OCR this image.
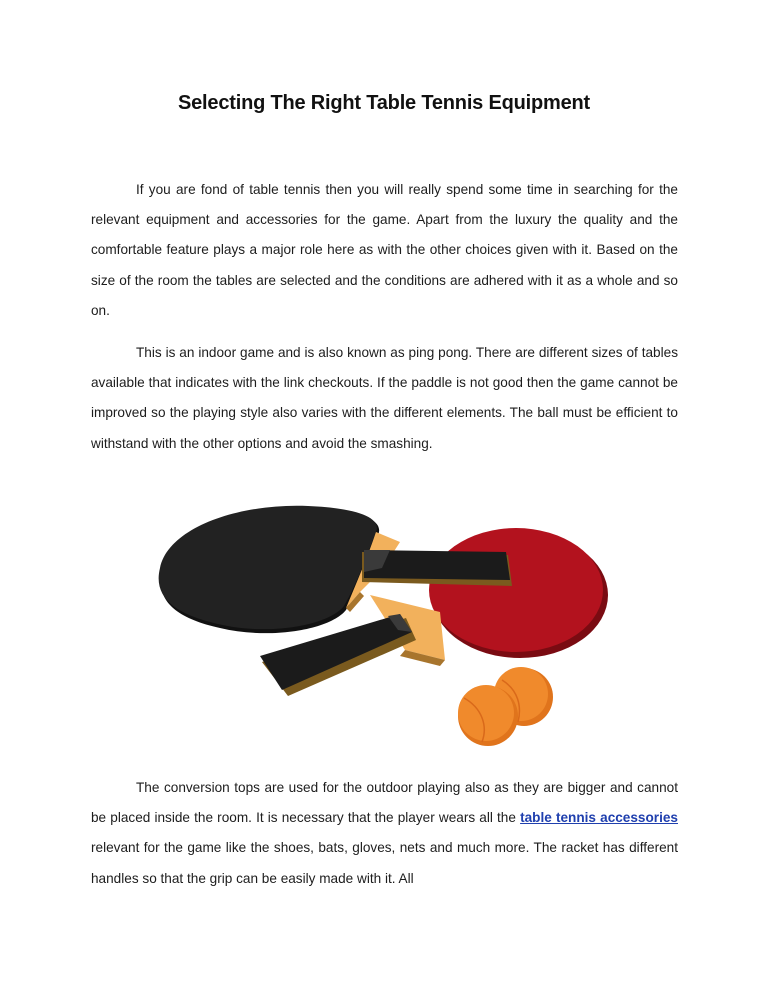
Selecting The Right Table Tennis Equipment

If you are fond of table tennis then you will really spend some time in searching for the relevant equipment and accessories for the game. Apart from the luxury the quality and the comfortable feature plays a major role here as with the other choices given with it. Based on the size of the room the tables are selected and the conditions are adhered with it as a whole and so on.

This is an indoor game and is also known as ping pong. There are different sizes of tables available that indicates with the link checkouts. If the paddle is not good then the game cannot be improved so the playing style also varies with the different elements. The ball must be efficient to withstand with the other options and avoid the smashing.

The conversion tops are used for the outdoor playing also as they are bigger and cannot be placed inside the room. It is necessary that the player wears all the table tennis accessories relevant for the game like the shoes, bats, gloves, nets and much more. The racket has different handles so that the grip can be easily made with it. All
